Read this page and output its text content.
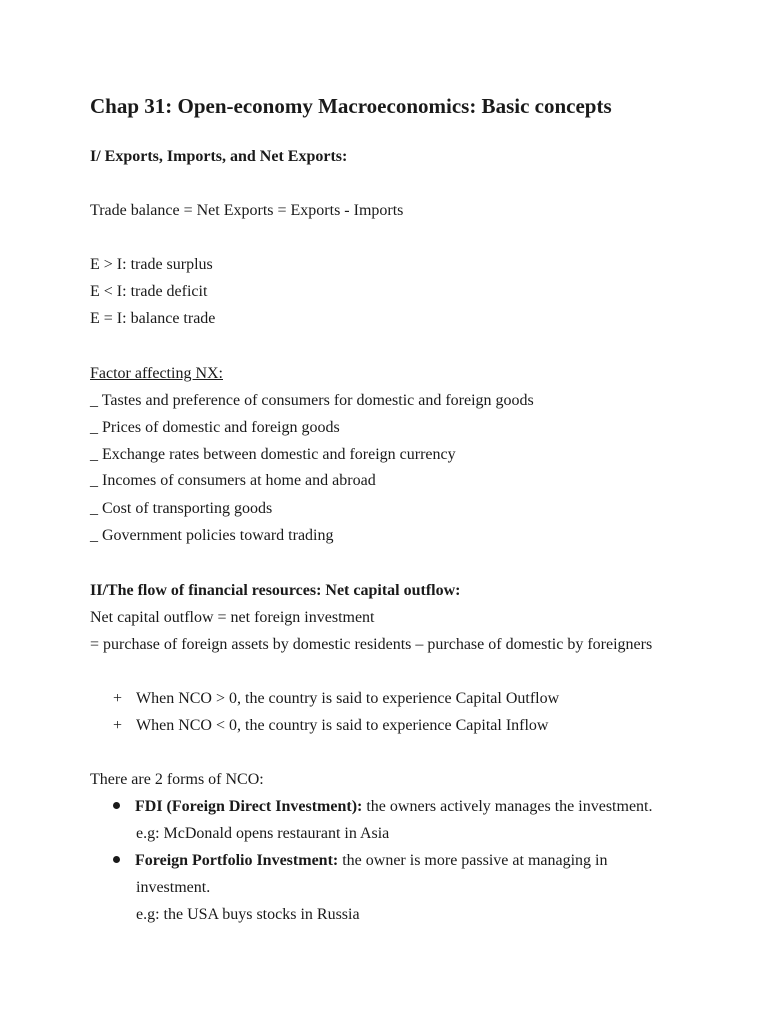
Chap 31: Open-economy Macroeconomics: Basic concepts
I/ Exports, Imports, and Net Exports:
Trade balance = Net Exports = Exports - Imports
E > I: trade surplus
E < I: trade deficit
E = I: balance trade
Factor affecting NX:
_ Tastes and preference of consumers for domestic and foreign goods
_ Prices of domestic and foreign goods
_ Exchange rates between domestic and foreign currency
_ Incomes of consumers at home and abroad
_ Cost of transporting goods
_ Government policies toward trading
II/The flow of financial resources: Net capital outflow:
Net capital outflow = net foreign investment
= purchase of foreign assets by domestic residents – purchase of domestic by foreigners
+ When NCO > 0, the country is said to experience Capital Outflow
+ When NCO < 0, the country is said to experience Capital Inflow
There are 2 forms of NCO:
FDI (Foreign Direct Investment): the owners actively manages the investment.
e.g: McDonald opens restaurant in Asia
Foreign Portfolio Investment: the owner is more passive at managing in
investment.
e.g: the USA buys stocks in Russia
